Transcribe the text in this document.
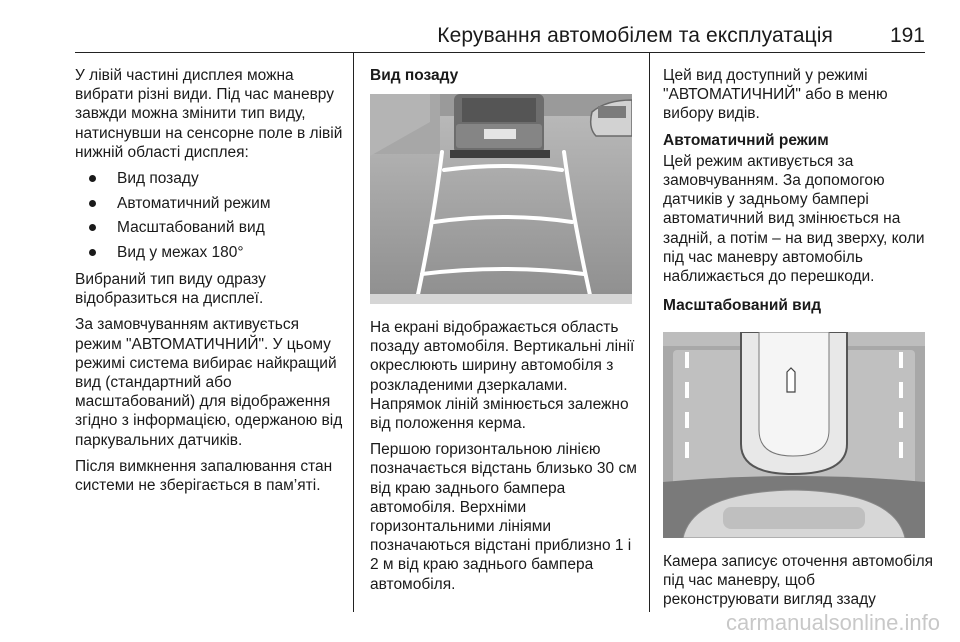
Керування автомобілем та експлуатація	191

У лівій частині дисплея можна вибрати різні види. Під час маневру завжди можна змінити тип виду, натиснувши на сенсорне поле в лівій нижній області дисплея:

Вид позаду
Автоматичний режим
Масштабований вид
Вид у межах 180°

Вибраний тип виду одразу відобразиться на дисплеї.

За замовчуванням активується режим "АВТОМАТИЧНИЙ". У цьому режимі система вибирає найкращий вид (стандартний або масштабований) для відображення згідно з інформацією, одержаною від паркувальних датчиків.

Після вимкнення запалювання стан системи не зберігається в пам’яті.

Вид позаду

На екрані відображається область позаду автомобіля. Вертикальні лінії окреслюють ширину автомобіля з розкладеними дзеркалами. Напрямок ліній змінюється залежно від положення керма.

Першою горизонтальною лінією позначається відстань близько 30 см від краю заднього бампера автомобіля. Верхніми горизонтальними лініями позначаються відстані приблизно 1 і 2 м від краю заднього бампера автомобіля.

Цей вид доступний у режимі "АВТОМАТИЧНИЙ" або в меню вибору видів.

Автоматичний режим

Цей режим активується за замовчуванням. За допомогою датчиків у задньому бампері автоматичний вид змінюється на задній, а потім – на вид зверху, коли під час маневру автомобіль наближається до перешкоди.

Масштабований вид

Камера записує оточення автомобіля під час маневру, щоб реконструювати вигляд ззаду

carmanualsonline.info
